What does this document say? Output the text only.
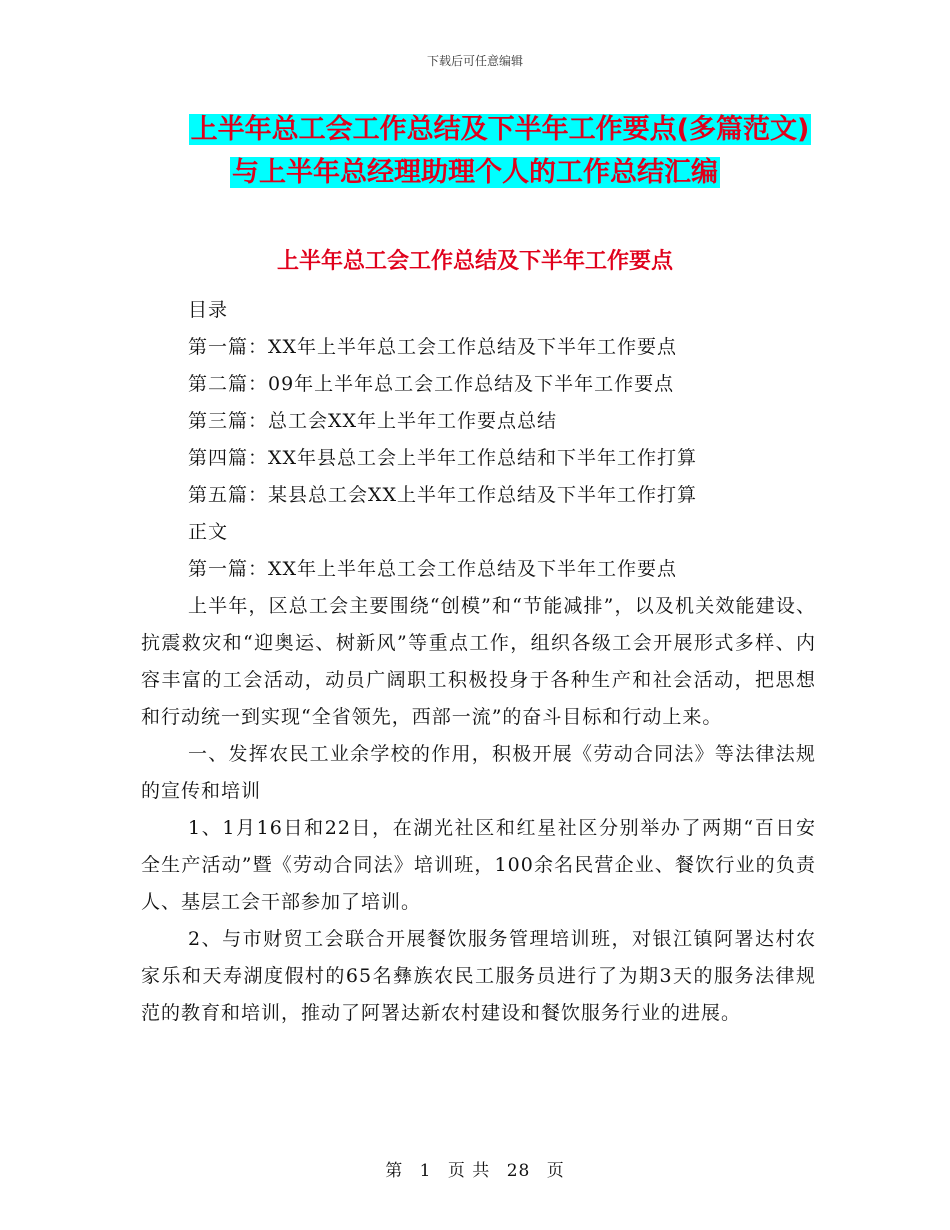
下载后可任意编辑
上半年总工会工作总结及下半年工作要点(多篇范文)
与上半年总经理助理个人的工作总结汇编
上半年总工会工作总结及下半年工作要点
目录
第一篇：XX年上半年总工会工作总结及下半年工作要点
第二篇：09年上半年总工会工作总结及下半年工作要点
第三篇：总工会XX年上半年工作要点总结
第四篇：XX年县总工会上半年工作总结和下半年工作打算
第五篇：某县总工会XX上半年工作总结及下半年工作打算
正文
第一篇：XX年上半年总工会工作总结及下半年工作要点

上半年，区总工会主要围绕“创模”和“节能减排”，以及机关效能建设、抗震救灾和“迎奥运、树新风”等重点工作，组织各级工会开展形式多样、内容丰富的工会活动，动员广阔职工积极投身于各种生产和社会活动，把思想和行动统一到实现“全省领先，西部一流”的奋斗目标和行动上来。

一、发挥农民工业余学校的作用，积极开展《劳动合同法》等法律法规的宣传和培训

1、1月16日和22日，在湖光社区和红星社区分别举办了两期“百日安全生产活动”暨《劳动合同法》培训班，100余名民营企业、餐饮行业的负责人、基层工会干部参加了培训。

2、与市财贸工会联合开展餐饮服务管理培训班，对银江镇阿署达村农家乐和天寿湖度假村的65名彝族农民工服务员进行了为期3天的服务法律规范的教育和培训，推动了阿署达新农村建设和餐饮服务行业的进展。

第 1 页 共 28 页
